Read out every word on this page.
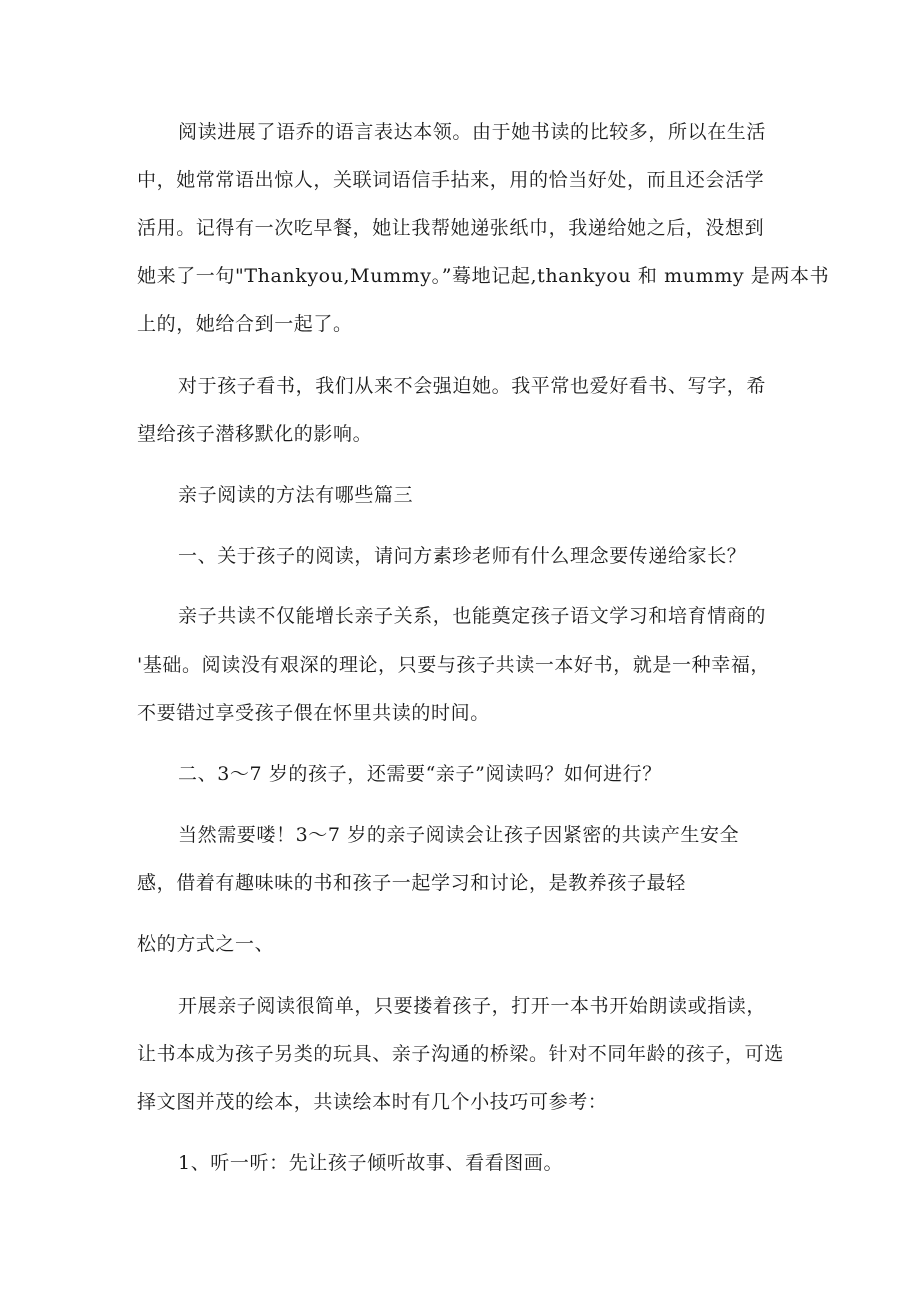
阅读进展了语乔的语言表达本领。由于她书读的比较多，所以在生活

中，她常常语出惊人，关联词语信手拈来，用的恰当好处，而且还会活学

活用。记得有一次吃早餐，她让我帮她递张纸巾，我递给她之后，没想到

她来了一句"Thankyou,Mummy。”蓦地记起,thankyou 和 mummy 是两本书

上的，她给合到一起了。

对于孩子看书，我们从来不会强迫她。我平常也爱好看书、写字，希

望给孩子潜移默化的影响。

亲子阅读的方法有哪些篇三

一、关于孩子的阅读，请问方素珍老师有什么理念要传递给家长？

亲子共读不仅能增长亲子关系，也能奠定孩子语文学习和培育情商的

'基础。阅读没有艰深的理论，只要与孩子共读一本好书，就是一种幸福，

不要错过享受孩子偎在怀里共读的时间。

二、3～7 岁的孩子，还需要“亲子”阅读吗？如何进行？

当然需要喽！3～7 岁的亲子阅读会让孩子因紧密的共读产生安全

感，借着有趣味味的书和孩子一起学习和讨论，是教养孩子最轻

松的方式之一、

开展亲子阅读很简单，只要搂着孩子，打开一本书开始朗读或指读，

让书本成为孩子另类的玩具、亲子沟通的桥梁。针对不同年龄的孩子，可选

择文图并茂的绘本，共读绘本时有几个小技巧可参考：

1、听一听：先让孩子倾听故事、看看图画。
